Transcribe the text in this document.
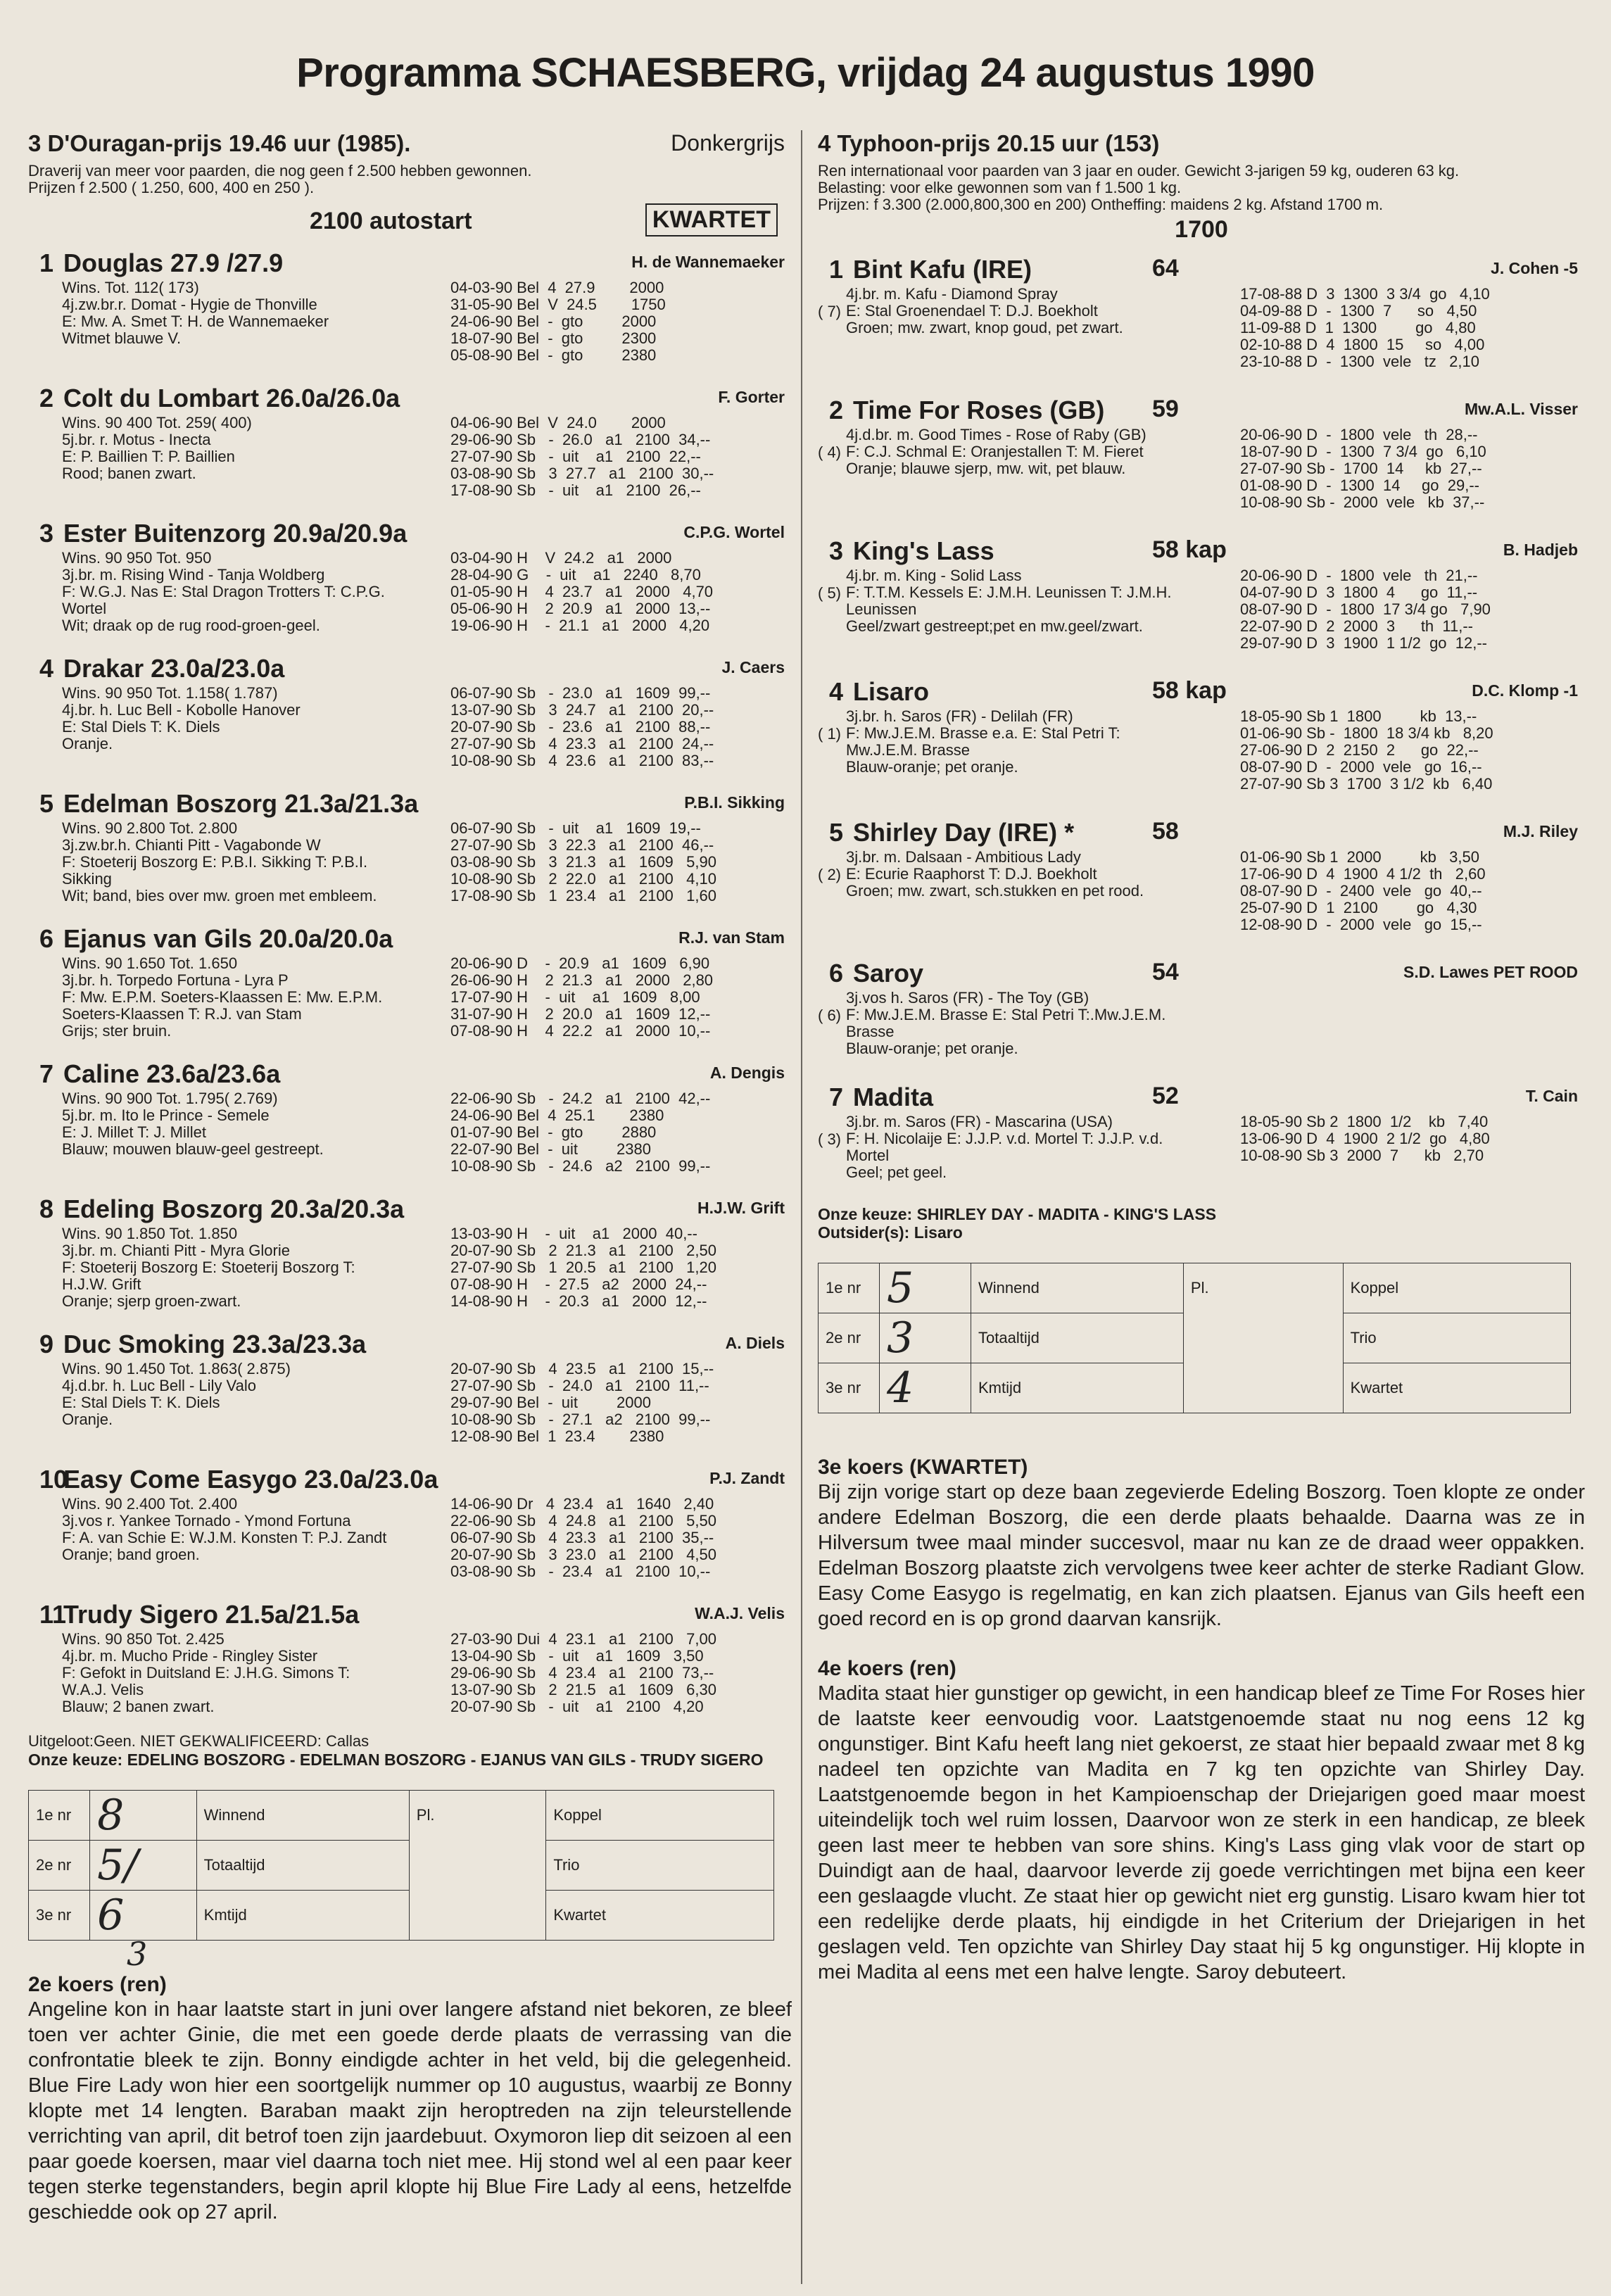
Programma SCHAESBERG, vrijdag 24 augustus 1990
3 D'Ouragan-prijs 19.46 uur (1985).	Donkergrijs
Draverij van meer voor paarden, die nog geen f 2.500 hebben gewonnen.
Prijzen f 2.500 ( 1.250, 600, 400 en 250 ).
2100 autostart	KWARTET
1 Douglas 27.9 /27.9	H. de Wannemaeker
Wins. Tot. 112( 173)
4j.zw.br.r. Domat - Hygie de Thonville
E: Mw. A. Smet T: H. de Wannemaeker
Witmet blauwe V.
04-03-90 Bel  4  27.9        2000
31-05-90 Bel  V  24.5        1750
24-06-90 Bel  -  gto         2000
18-07-90 Bel  -  gto         2300
05-08-90 Bel  -  gto         2380
2 Colt du Lombart 26.0a/26.0a	F. Gorter
Wins. 90 400 Tot. 259( 400)
5j.br. r. Motus - Inecta
E: P. Baillien T: P. Baillien
Rood; banen zwart.
04-06-90 Bel  V  24.0        2000
29-06-90 Sb   -  26.0   a1   2100  34,--
27-07-90 Sb   -  uit    a1   2100  22,--
03-08-90 Sb   3  27.7   a1   2100  30,--
17-08-90 Sb   -  uit    a1   2100  26,--
3 Ester Buitenzorg 20.9a/20.9a	C.P.G. Wortel
Wins. 90 950 Tot. 950
3j.br. m. Rising Wind - Tanja Woldberg
F: W.G.J. Nas E: Stal Dragon Trotters T: C.P.G.
Wortel
Wit; draak op de rug rood-groen-geel.
03-04-90 H    V  24.2   a1   2000
28-04-90 G    -  uit    a1   2240   8,70
01-05-90 H    4  23.7   a1   2000   4,70
05-06-90 H    2  20.9   a1   2000  13,--
19-06-90 H    -  21.1   a1   2000   4,20
4 Drakar 23.0a/23.0a	J. Caers
Wins. 90 950 Tot. 1.158( 1.787)
4j.br. h. Luc Bell - Kobolle Hanover
E: Stal Diels T: K. Diels
Oranje.
06-07-90 Sb   -  23.0   a1   1609  99,--
13-07-90 Sb   3  24.7   a1   2100  20,--
20-07-90 Sb   -  23.6   a1   2100  88,--
27-07-90 Sb   4  23.3   a1   2100  24,--
10-08-90 Sb   4  23.6   a1   2100  83,--
5 Edelman Boszorg 21.3a/21.3a	P.B.I. Sikking
Wins. 90 2.800 Tot. 2.800
3j.zw.br.h. Chianti Pitt - Vagabonde W
F: Stoeterij Boszorg E: P.B.I. Sikking T: P.B.I.
Sikking
Wit; band, bies over mw. groen met embleem.
06-07-90 Sb   -  uit    a1   1609  19,--
27-07-90 Sb   3  22.3   a1   2100  46,--
03-08-90 Sb   3  21.3   a1   1609   5,90
10-08-90 Sb   2  22.0   a1   2100   4,10
17-08-90 Sb   1  23.4   a1   2100   1,60
6 Ejanus van Gils 20.0a/20.0a	R.J. van Stam
Wins. 90 1.650 Tot. 1.650
3j.br. h. Torpedo Fortuna - Lyra P
F: Mw. E.P.M. Soeters-Klaassen E: Mw. E.P.M.
Soeters-Klaassen T: R.J. van Stam
Grijs; ster bruin.
20-06-90 D    -  20.9   a1   1609   6,90
26-06-90 H    2  21.3   a1   2000   2,80
17-07-90 H    -  uit    a1   1609   8,00
31-07-90 H    2  20.0   a1   1609  12,--
07-08-90 H    4  22.2   a1   2000  10,--
7 Caline 23.6a/23.6a	A. Dengis
Wins. 90 900 Tot. 1.795( 2.769)
5j.br. m. Ito le Prince - Semele
E: J. Millet T: J. Millet
Blauw; mouwen blauw-geel gestreept.
22-06-90 Sb   -  24.2   a1   2100  42,--
24-06-90 Bel  4  25.1        2380
01-07-90 Bel  -  gto         2880
22-07-90 Bel  -  uit         2380
10-08-90 Sb   -  24.6   a2   2100  99,--
8 Edeling Boszorg 20.3a/20.3a	H.J.W. Grift
Wins. 90 1.850 Tot. 1.850
3j.br. m. Chianti Pitt - Myra Glorie
F: Stoeterij Boszorg E: Stoeterij Boszorg T:
H.J.W. Grift
Oranje; sjerp groen-zwart.
13-03-90 H    -  uit    a1   2000  40,--
20-07-90 Sb   2  21.3   a1   2100   2,50
27-07-90 Sb   1  20.5   a1   2100   1,20
07-08-90 H    -  27.5   a2   2000  24,--
14-08-90 H    -  20.3   a1   2000  12,--
9 Duc Smoking 23.3a/23.3a	A. Diels
Wins. 90 1.450 Tot. 1.863( 2.875)
4j.d.br. h. Luc Bell - Lily Valo
E: Stal Diels T: K. Diels
Oranje.
20-07-90 Sb   4  23.5   a1   2100  15,--
27-07-90 Sb   -  24.0   a1   2100  11,--
29-07-90 Bel  -  uit         2000
10-08-90 Sb   -  27.1   a2   2100  99,--
12-08-90 Bel  1  23.4        2380
10
Easy Come Easygo 23.0a/23.0a	P.J. Zandt
Wins. 90 2.400 Tot. 2.400
3j.vos r. Yankee Tornado - Ymond Fortuna
F: A. van Schie E: W.J.M. Konsten T: P.J. Zandt
Oranje; band groen.
14-06-90 Dr   4  23.4   a1   1640   2,40
22-06-90 Sb   4  24.8   a1   2100   5,50
06-07-90 Sb   4  23.3   a1   2100  35,--
20-07-90 Sb   3  23.0   a1   2100   4,50
03-08-90 Sb   -  23.4   a1   2100  10,--
11
Trudy Sigero 21.5a/21.5a	W.A.J. Velis
Wins. 90 850 Tot. 2.425
4j.br. m. Mucho Pride - Ringley Sister
F: Gefokt in Duitsland E: J.H.G. Simons T:
W.A.J. Velis
Blauw; 2 banen zwart.
27-03-90 Dui  4  23.1   a1   2100   7,00
13-04-90 Sb   -  uit    a1   1609   3,50
29-06-90 Sb   4  23.4   a1   2100  73,--
13-07-90 Sb   2  21.5   a1   1609   6,30
20-07-90 Sb   -  uit    a1   2100   4,20
Uitgeloot:Geen. NIET GEKWALIFICEERD: Callas
Onze keuze: EDELING BOSZORG - EDELMAN BOSZORG - EJANUS VAN GILS - TRUDY SIGERO
1e nr	8	Winnend	Pl.	Koppel
2e nr	5/	Totaaltijd		Trio
3e nr	6	Kmtijd		Kwartet
3
2e koers (ren)
Angeline kon in haar laatste start in juni over langere afstand niet bekoren, ze bleef toen ver achter Ginie, die met een goede derde plaats de verrassing van die confrontatie bleek te zijn. Bonny eindigde achter in het veld, bij die gelegenheid. Blue Fire Lady won hier een soortgelijk nummer op 10 augustus, waarbij ze Bonny klopte met 14 lengten. Baraban maakt zijn heroptreden na zijn teleurstellende verrichting van april, dit betrof toen zijn jaardebuut. Oxymoron liep dit seizoen al een paar goede koersen, maar viel daarna toch niet mee. Hij stond wel al een paar keer tegen sterke tegenstanders, begin april klopte hij Blue Fire Lady al eens, hetzelfde geschiedde ook op 27 april.
4 Typhoon-prijs 20.15 uur (153)
Ren internationaal voor paarden van 3 jaar en ouder. Gewicht 3-jarigen 59 kg, ouderen 63 kg.
Belasting: voor elke gewonnen som van f 1.500 1 kg.
Prijzen: f 3.300 (2.000,800,300 en 200) Ontheffing: maidens 2 kg. Afstand 1700 m.
1700
1 Bint Kafu (IRE)	64	J. Cohen -5
( 7)
4j.br. m. Kafu - Diamond Spray
E: Stal Groenendael T: D.J. Boekholt
Groen; mw. zwart, knop goud, pet zwart.
17-08-88 D  3  1300  3 3/4  go   4,10
04-09-88 D  -  1300  7      so   4,50
11-09-88 D  1  1300         go   4,80
02-10-88 D  4  1800  15     so   4,00
23-10-88 D  -  1300  vele   tz   2,10
2 Time For Roses (GB) 59	Mw.A.L. Visser
( 4)
4j.d.br. m. Good Times - Rose of Raby (GB)
F: C.J. Schmal E: Oranjestallen T: M. Fieret
Oranje; blauwe sjerp, mw. wit, pet blauw.
20-06-90 D  -  1800  vele   th  28,--
18-07-90 D  -  1300  7 3/4  go   6,10
27-07-90 Sb -  1700  14     kb  27,--
01-08-90 D  -  1300  14     go  29,--
10-08-90 Sb -  2000  vele   kb  37,--
3 King's Lass	58 kap	B. Hadjeb
( 5)
4j.br. m. King - Solid Lass
F: T.T.M. Kessels E: J.M.H. Leunissen T: J.M.H.
Leunissen
Geel/zwart gestreept;pet en mw.geel/zwart.
20-06-90 D  -  1800  vele   th  21,--
04-07-90 D  3  1800  4      go  11,--
08-07-90 D  -  1800  17 3/4 go   7,90
22-07-90 D  2  2000  3      th  11,--
29-07-90 D  3  1900  1 1/2  go  12,--
4 Lisaro	58 kap	D.C. Klomp -1
( 1)
3j.br. h. Saros (FR) - Delilah (FR)
F: Mw.J.E.M. Brasse e.a. E: Stal Petri T:
Mw.J.E.M. Brasse
Blauw-oranje; pet oranje.
18-05-90 Sb 1  1800         kb  13,--
01-06-90 Sb -  1800  18 3/4 kb   8,20
27-06-90 D  2  2150  2      go  22,--
08-07-90 D  -  2000  vele   go  16,--
27-07-90 Sb 3  1700  3 1/2  kb   6,40
5 Shirley Day (IRE) *	58	M.J. Riley
( 2)
3j.br. m. Dalsaan - Ambitious Lady
E: Ecurie Raaphorst T: D.J. Boekholt
Groen; mw. zwart, sch.stukken en pet rood.
01-06-90 Sb 1  2000         kb   3,50
17-06-90 D  4  1900  4 1/2  th   2,60
08-07-90 D  -  2400  vele   go  40,--
25-07-90 D  1  2100         go   4,30
12-08-90 D  -  2000  vele   go  15,--
6 Saroy	54	S.D. Lawes PET ROOD
( 6)
3j.vos h. Saros (FR) - The Toy (GB)
F: Mw.J.E.M. Brasse E: Stal Petri T:.Mw.J.E.M.
Brasse
Blauw-oranje; pet oranje.
7 Madita	52	T. Cain
( 3)
3j.br. m. Saros (FR) - Mascarina (USA)
F: H. Nicolaije E: J.J.P. v.d. Mortel T: J.J.P. v.d.
Mortel
Geel; pet geel.
18-05-90 Sb 2  1800  1/2    kb   7,40
13-06-90 D  4  1900  2 1/2  go   4,80
10-08-90 Sb 3  2000  7      kb   2,70
Onze keuze: SHIRLEY DAY - MADITA - KING'S LASS
Outsider(s): Lisaro
1e nr	5	Winnend	Pl.	Koppel
2e nr	3	Totaaltijd		Trio
3e nr	4	Kmtijd		Kwartet
3e koers (KWARTET)
Bij zijn vorige start op deze baan zegevierde Edeling Boszorg. Toen klopte ze onder andere Edelman Boszorg, die een derde plaats behaalde. Daarna was ze in Hilversum twee maal minder succesvol, maar nu kan ze de draad weer oppakken. Edelman Boszorg plaatste zich vervolgens twee keer achter de sterke Radiant Glow. Easy Come Easygo is regelmatig, en kan zich plaatsen. Ejanus van Gils heeft een goed record en is op grond daarvan kansrijk.
4e koers (ren)
Madita staat hier gunstiger op gewicht, in een handicap bleef ze Time For Roses hier de laatste keer eenvoudig voor. Laatstgenoemde staat nu nog eens 12 kg ongunstiger. Bint Kafu heeft lang niet gekoerst, ze staat hier bepaald zwaar met 8 kg nadeel ten opzichte van Madita en 7 kg ten opzichte van Shirley Day. Laatstgenoemde begon in het Kampioenschap der Driejarigen goed maar moest uiteindelijk toch wel ruim lossen, Daarvoor won ze sterk in een handicap, ze bleek geen last meer te hebben van sore shins. King's Lass ging vlak voor de start op Duindigt aan de haal, daarvoor leverde zij goede verrichtingen met bijna een keer een geslaagde vlucht. Ze staat hier op gewicht niet erg gunstig. Lisaro kwam hier tot een redelijke derde plaats, hij eindigde in het Criterium der Driejarigen in het geslagen veld. Ten opzichte van Shirley Day staat hij 5 kg ongunstiger. Hij klopte in mei Madita al eens met een halve lengte. Saroy debuteert.
